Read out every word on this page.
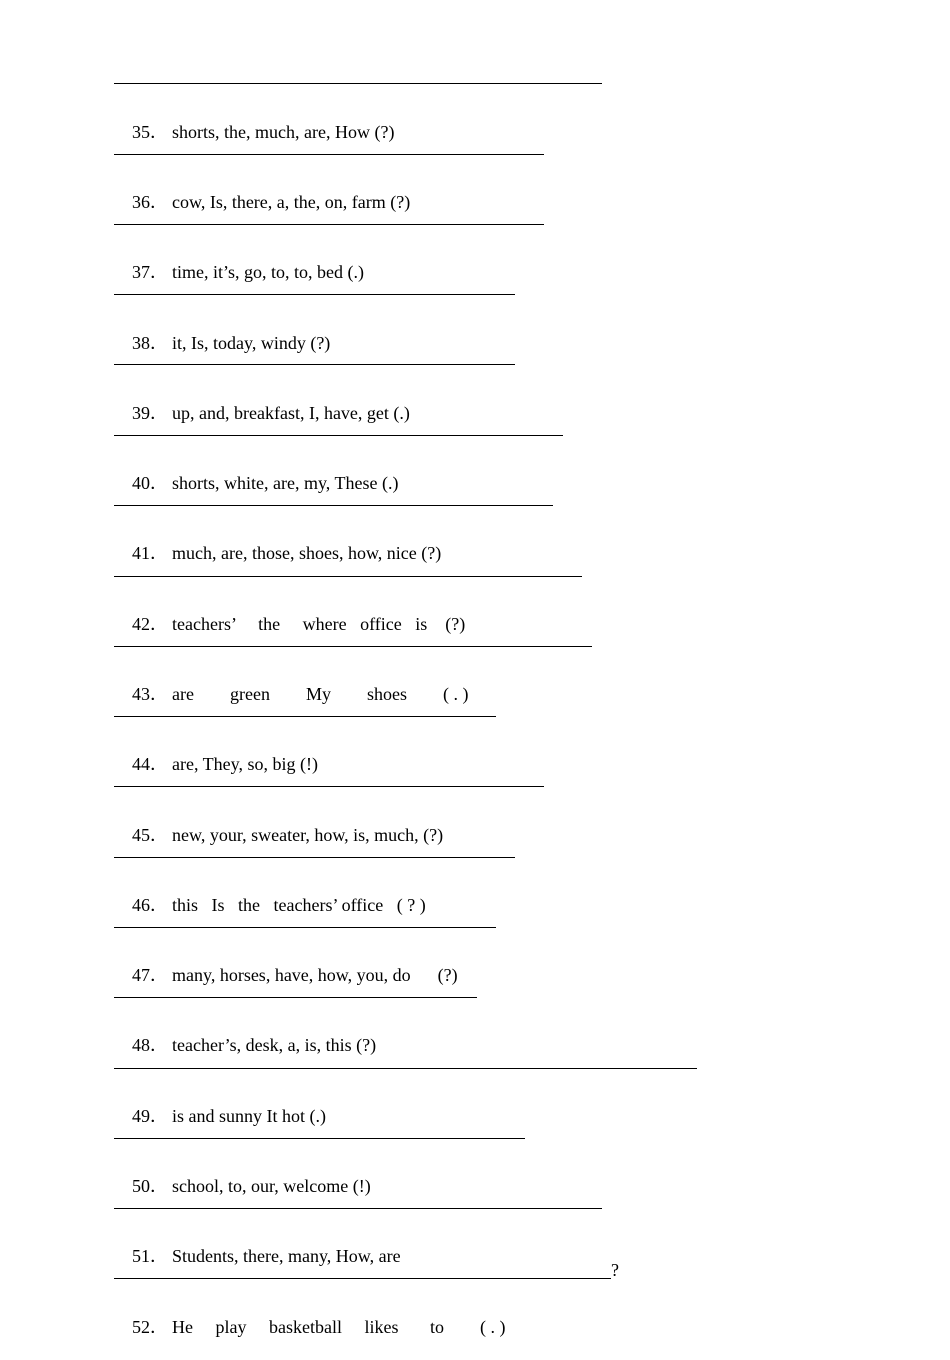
?

35． shorts, the, much, are, How (?)

36． cow, Is, there, a, the, on, farm (?)

37． time, it’s, go, to, to, bed (.)

38． it, Is, today, windy (?)

39． up, and, breakfast, I, have, get (.)

40． shorts, white, are, my, These (.)

41． much, are, those, shoes, how, nice (?)

42． teachers’     the     where   office   is    (?)

43． are        green        My        shoes        ( . )

44． are, They, so, big (!)

45． new, your, sweater, how, is, much, (?)

46． this   Is   the   teachers’ office   ( ? )

47． many, horses, have, how, you, do      (?)

48． teacher’s, desk, a, is, this (?)

49． is and sunny It hot (.)

50． school, to, our, welcome (!)

51． Students, there, many, How, are

52． He     play     basketball     likes       to        ( . )
